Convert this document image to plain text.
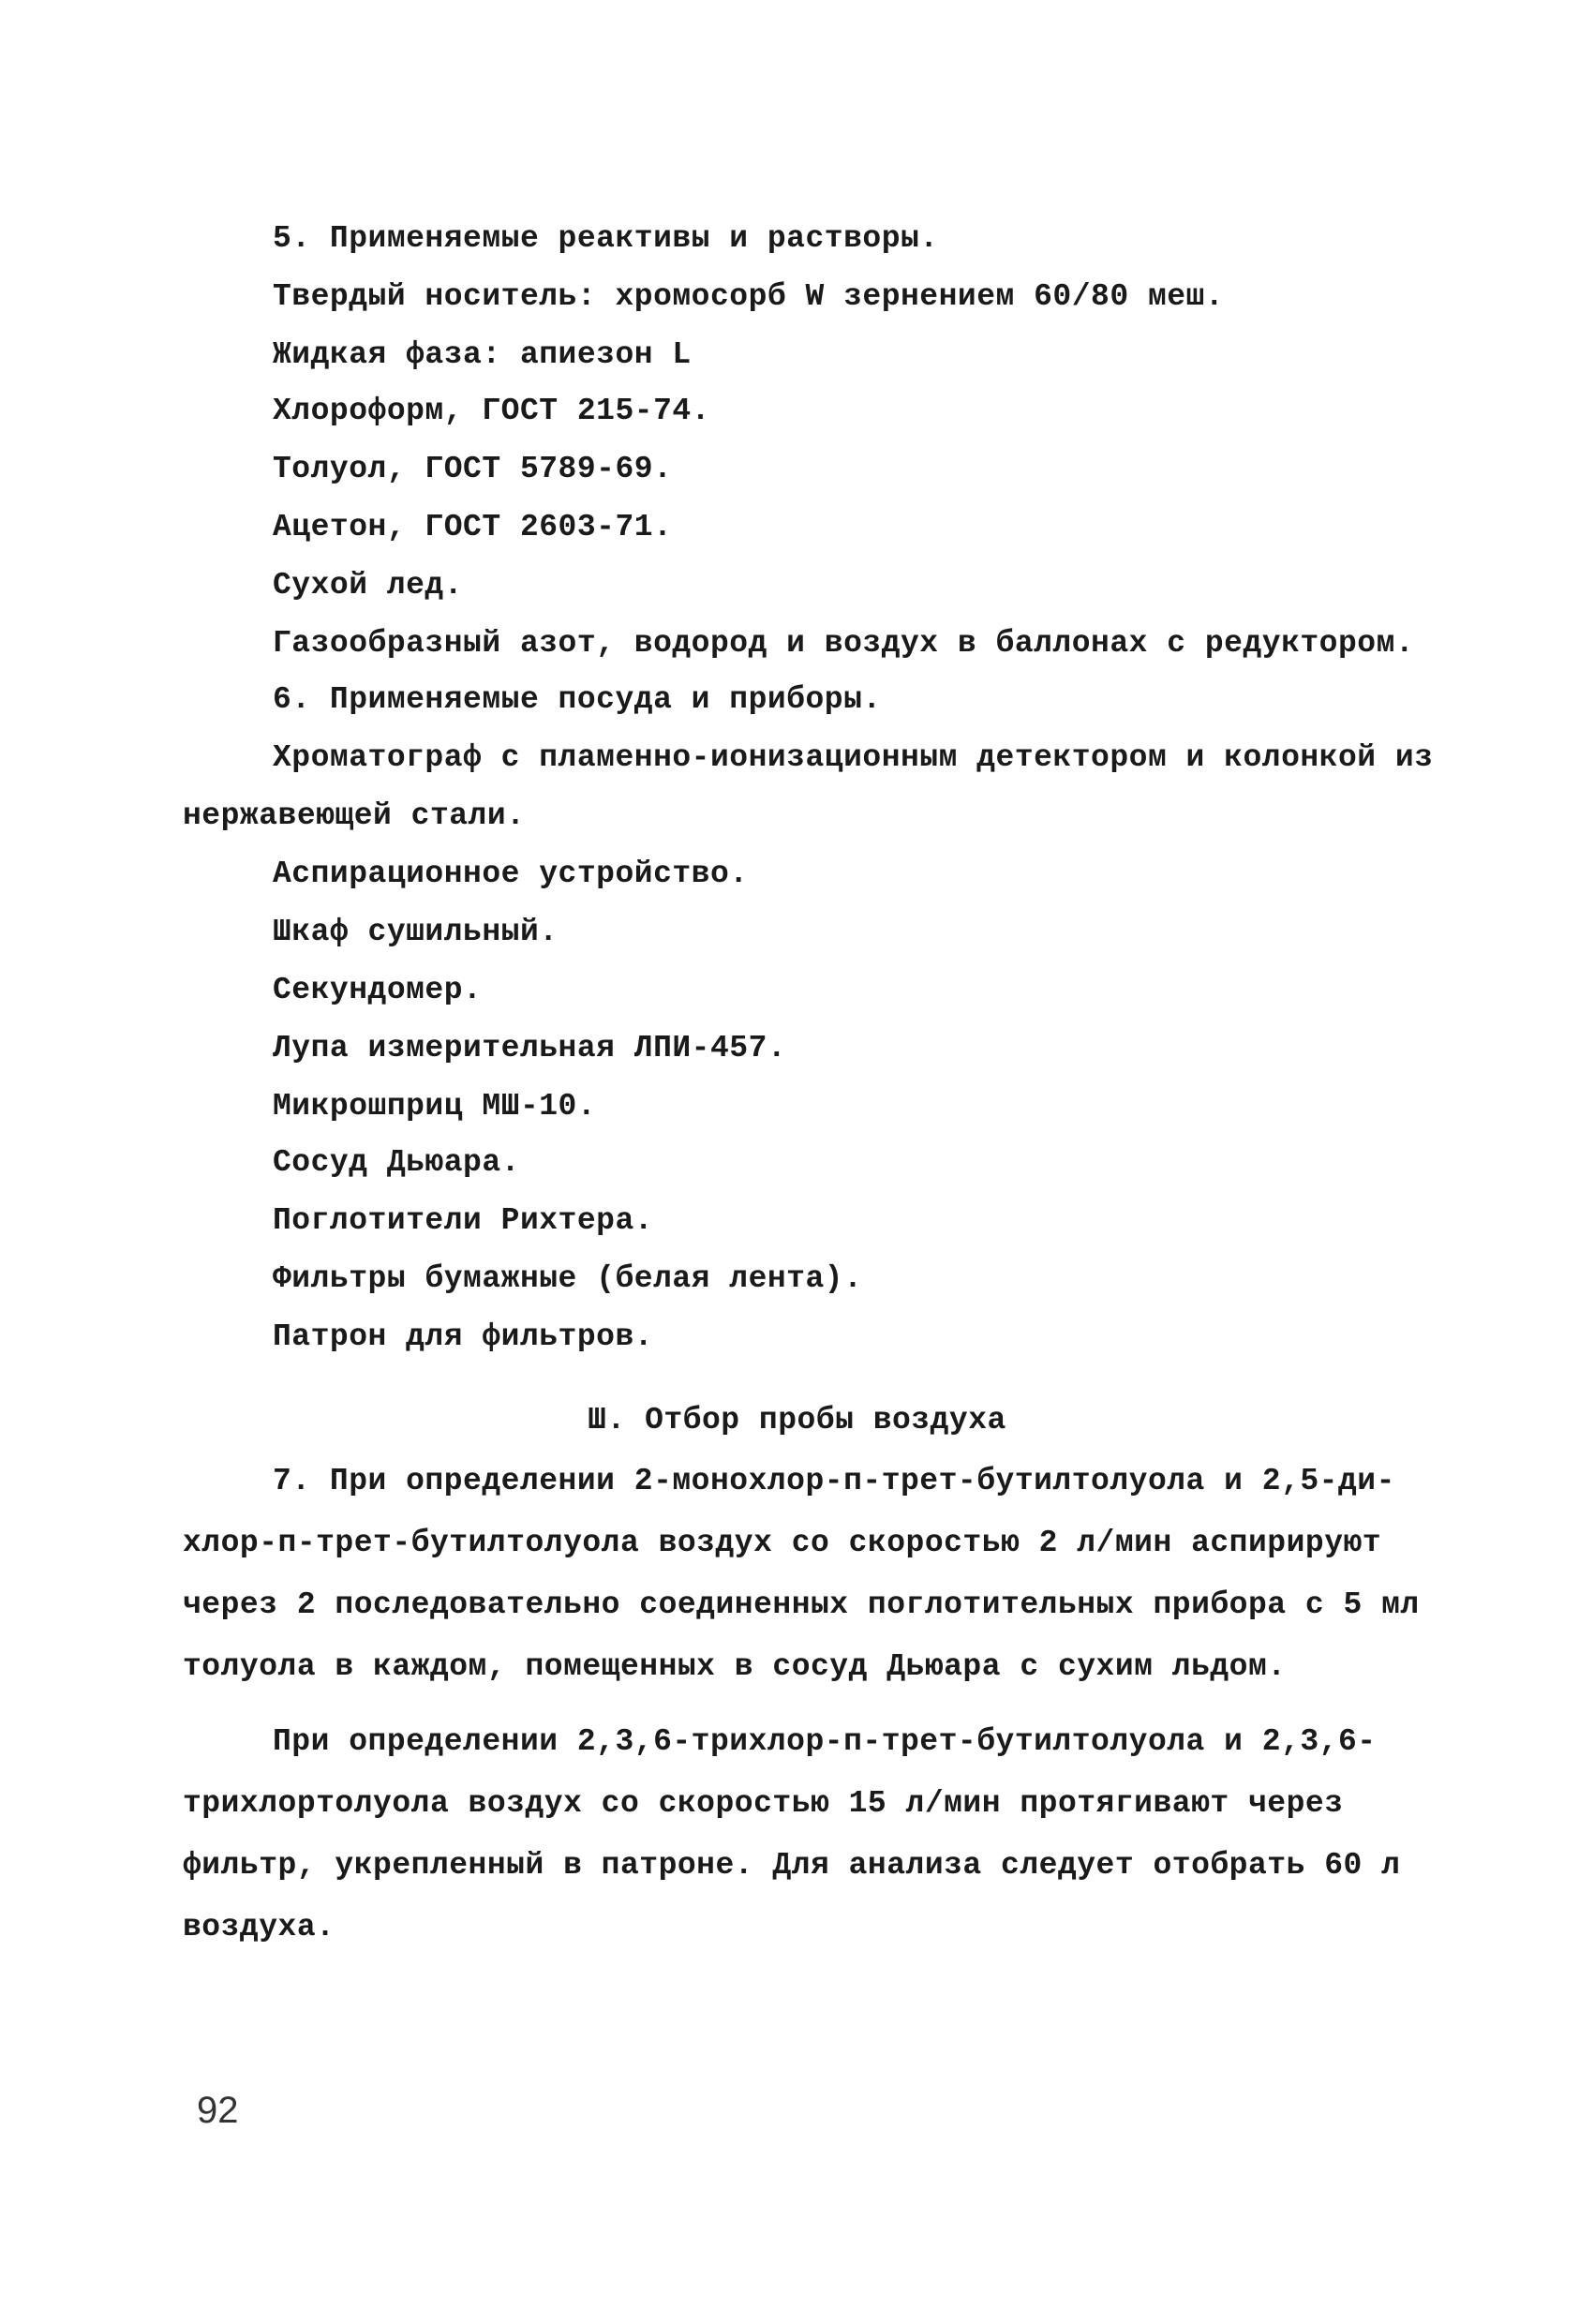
5. Применяемые реактивы и растворы.
Твердый носитель: хромосорб W зернением 60/80 меш.
Жидкая фаза: апиезон L
Хлороформ, ГОСТ 215-74.
Толуол, ГОСТ 5789-69.
Ацетон, ГОСТ 2603-71.
Сухой лед.
Газообразный азот, водород и воздух в баллонах с редуктором.
6. Применяемые посуда и приборы.
Хроматограф с пламенно-ионизационным детектором и колонкой из
нержавеющей стали.
Аспирационное устройство.
Шкаф сушильный.
Секундомер.
Лупа измерительная ЛПИ-457.
Микрошприц МШ-10.
Сосуд Дьюара.
Поглотители Рихтера.
Фильтры бумажные (белая лента).
Патрон для фильтров.
Ш. Отбор пробы воздуха
7. При определении 2-монохлор-п-трет-бутилтолуола и 2,5-ди-
хлор-п-трет-бутилтолуола воздух со скоростью 2 л/мин аспирируют
через 2 последовательно соединенных поглотительных прибора с 5 мл
толуола в каждом, помещенных в сосуд Дьюара с сухим льдом.
При определении 2,3,6-трихлор-п-трет-бутилтолуола и 2,3,6-
трихлортолуола воздух со скоростью 15 л/мин протягивают через
фильтр, укрепленный в патроне. Для анализа следует отобрать 60 л
воздуха.
92
